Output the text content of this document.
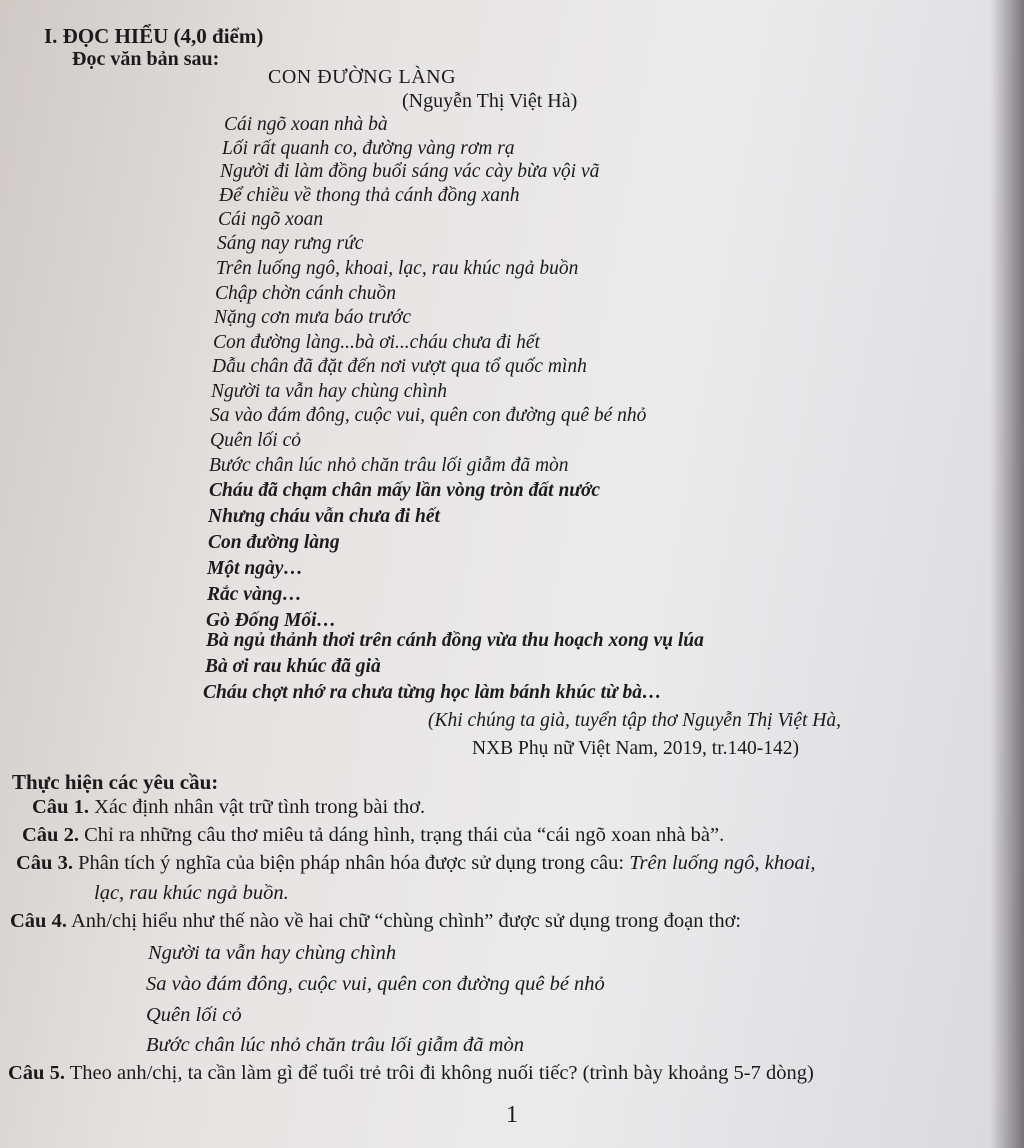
I. ĐỌC HIỂU (4,0 điểm)
Đọc văn bản sau:
CON ĐƯỜNG LÀNG
(Nguyễn Thị Việt Hà)
Cái ngõ xoan nhà bà
Lối rất quanh co, đường vàng rơm rạ
Người đi làm đồng buổi sáng vác cày bừa vội vã
Để chiều về thong thả cánh đồng xanh
Cái ngõ xoan
Sáng nay rưng rức
Trên luống ngô, khoai, lạc, rau khúc ngả buồn
Chập chờn cánh chuồn
Nặng cơn mưa báo trước
Con đường làng...bà ơi...cháu chưa đi hết
Dẫu chân đã đặt đến nơi vượt qua tổ quốc mình
Người ta vẫn hay chùng chình
Sa vào đám đông, cuộc vui, quên con đường quê bé nhỏ
Quên lối cỏ
Bước chân lúc nhỏ chăn trâu lối giẫm đã mòn
Cháu đã chạm chân mấy lần vòng tròn đất nước
Nhưng cháu vẫn chưa đi hết
Con đường làng
Một ngày…
Rắc vàng…
Gò Đống Mối…
Bà ngủ thảnh thơi trên cánh đồng vừa thu hoạch xong vụ lúa
Bà ơi rau khúc đã già
Cháu chợt nhớ ra chưa từng học làm bánh khúc từ bà…
(Khi chúng ta già, tuyển tập thơ Nguyễn Thị Việt Hà,
NXB Phụ nữ Việt Nam, 2019, tr.140-142)
Thực hiện các yêu cầu:
Câu 1. Xác định nhân vật trữ tình trong bài thơ.
Câu 2. Chỉ ra những câu thơ miêu tả dáng hình, trạng thái của “cái ngõ xoan nhà bà”.
Câu 3. Phân tích ý nghĩa của biện pháp nhân hóa được sử dụng trong câu: Trên luống ngô, khoai,
lạc, rau khúc ngả buồn.
Câu 4. Anh/chị hiểu như thế nào về hai chữ “chùng chình” được sử dụng trong đoạn thơ:
Người ta vẫn hay chùng chình
Sa vào đám đông, cuộc vui, quên con đường quê bé nhỏ
Quên lối cỏ
Bước chân lúc nhỏ chăn trâu lối giẫm đã mòn
Câu 5. Theo anh/chị, ta cần làm gì để tuổi trẻ trôi đi không nuối tiếc? (trình bày khoảng 5-7 dòng)
1
